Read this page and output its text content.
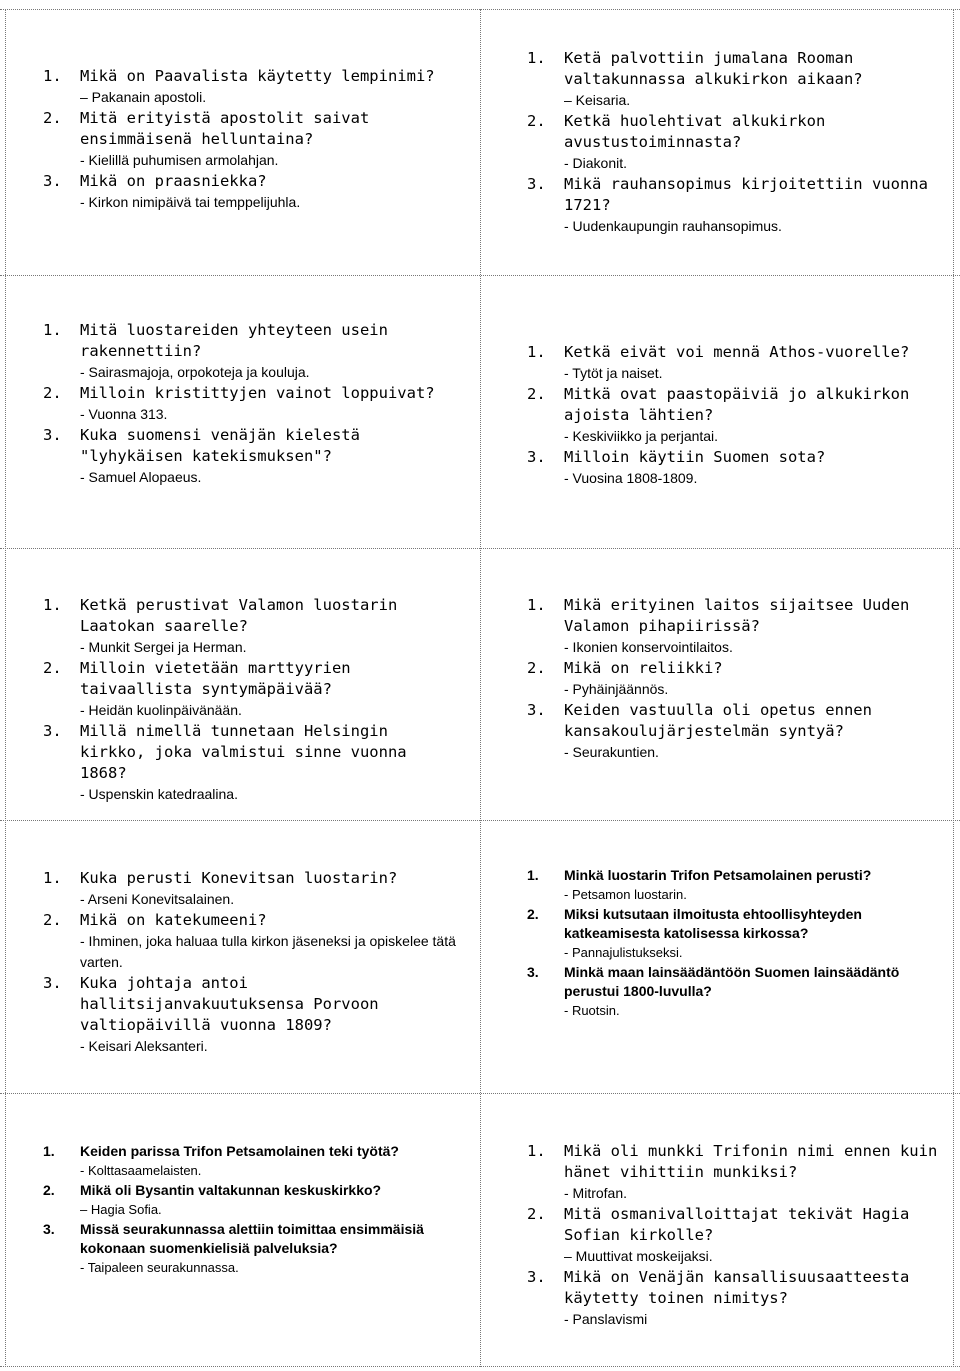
1. Mikä on Paavalista käytetty lempinimi?
– Pakanain apostoli.
2. Mitä erityistä apostolit saivat ensimmäisenä helluntaina?
- Kielillä puhumisen armolahjan.
3. Mikä on praasniekka?
- Kirkon nimipäivä tai temppelijuhla.
1. Ketä palvottiin jumalana Rooman valtakunnassa alkukirkon aikaan?
– Keisaria.
2. Ketkä huolehtivat alkukirkon avustustoiminnasta?
- Diakonit.
3. Mikä rauhansopimus kirjoitettiin vuonna 1721?
- Uudenkaupungin rauhansopimus.
1. Mitä luostareiden yhteyteen usein rakennettiin?
- Sairasmajoja, orpokoteja ja kouluja.
2. Milloin kristittyjen vainot loppuivat?
- Vuonna 313.
3. Kuka suomensi venäjän kielestä "lyhykäisen katekismuksen"?
- Samuel Alopaeus.
1. Ketkä eivät voi mennä Athos-vuorelle?
- Tytöt ja naiset.
2. Mitkä ovat paastopäiviä jo alkukirkon ajoista lähtien?
- Keskiviikko ja perjantai.
3. Milloin käytiin Suomen sota?
- Vuosina 1808-1809.
1. Ketkä perustivat Valamon luostarin Laatokan saarelle?
- Munkit Sergei ja Herman.
2. Milloin vietetään marttyyrien taivaallista syntymäpäivää?
- Heidän kuolinpäivänään.
3. Millä nimellä tunnetaan Helsingin kirkko, joka valmistui sinne vuonna 1868?
- Uspenskin katedraalina.
1. Mikä erityinen laitos sijaitsee Uuden Valamon pihapiirissä?
- Ikonien konservointilaitos.
2. Mikä on reliikki?
- Pyhäinjäännös.
3. Keiden vastuulla oli opetus ennen kansakoulujärjestelmän syntyä?
- Seurakuntien.
1. Kuka perusti Konevitsan luostarin?
- Arseni Konevitsalainen.
2. Mikä on katekumeeni?
- Ihminen, joka haluaa tulla kirkon jäseneksi ja opiskelee tätä varten.
3. Kuka johtaja antoi hallitsijanvakuutuksensa Porvoon valtiopäivillä vuonna 1809?
- Keisari Aleksanteri.
1. Minkä luostarin Trifon Petsamolainen perusti?
- Petsamon luostarin.
2. Miksi kutsutaan ilmoitusta ehtoollisyhteyden katkeamisesta katolisessa kirkossa?
- Pannajulistukseksi.
3. Minkä maan lainsäädäntöön Suomen lainsäädäntö perustui 1800-luvulla?
- Ruotsin.
1. Keiden parissa Trifon Petsamolainen teki työtä?
- Kolttasaamelaisten.
2. Mikä oli Bysantin valtakunnan keskuskirkko?
– Hagia Sofia.
3. Missä seurakunnassa alettiin toimittaa ensimmäisiä kokonaan suomenkielisiä palveluksia?
- Taipaleen seurakunnassa.
1. Mikä oli munkki Trifonin nimi ennen kuin hänet vihittiin munkiksi?
- Mitrofan.
2. Mitä osmanivalloittajat tekivät Hagia Sofian kirkolle?
– Muuttivat moskeijaksi.
3. Mikä on Venäjän kansallisuusaatteesta käytetty toinen nimitys?
- Panslavismi
